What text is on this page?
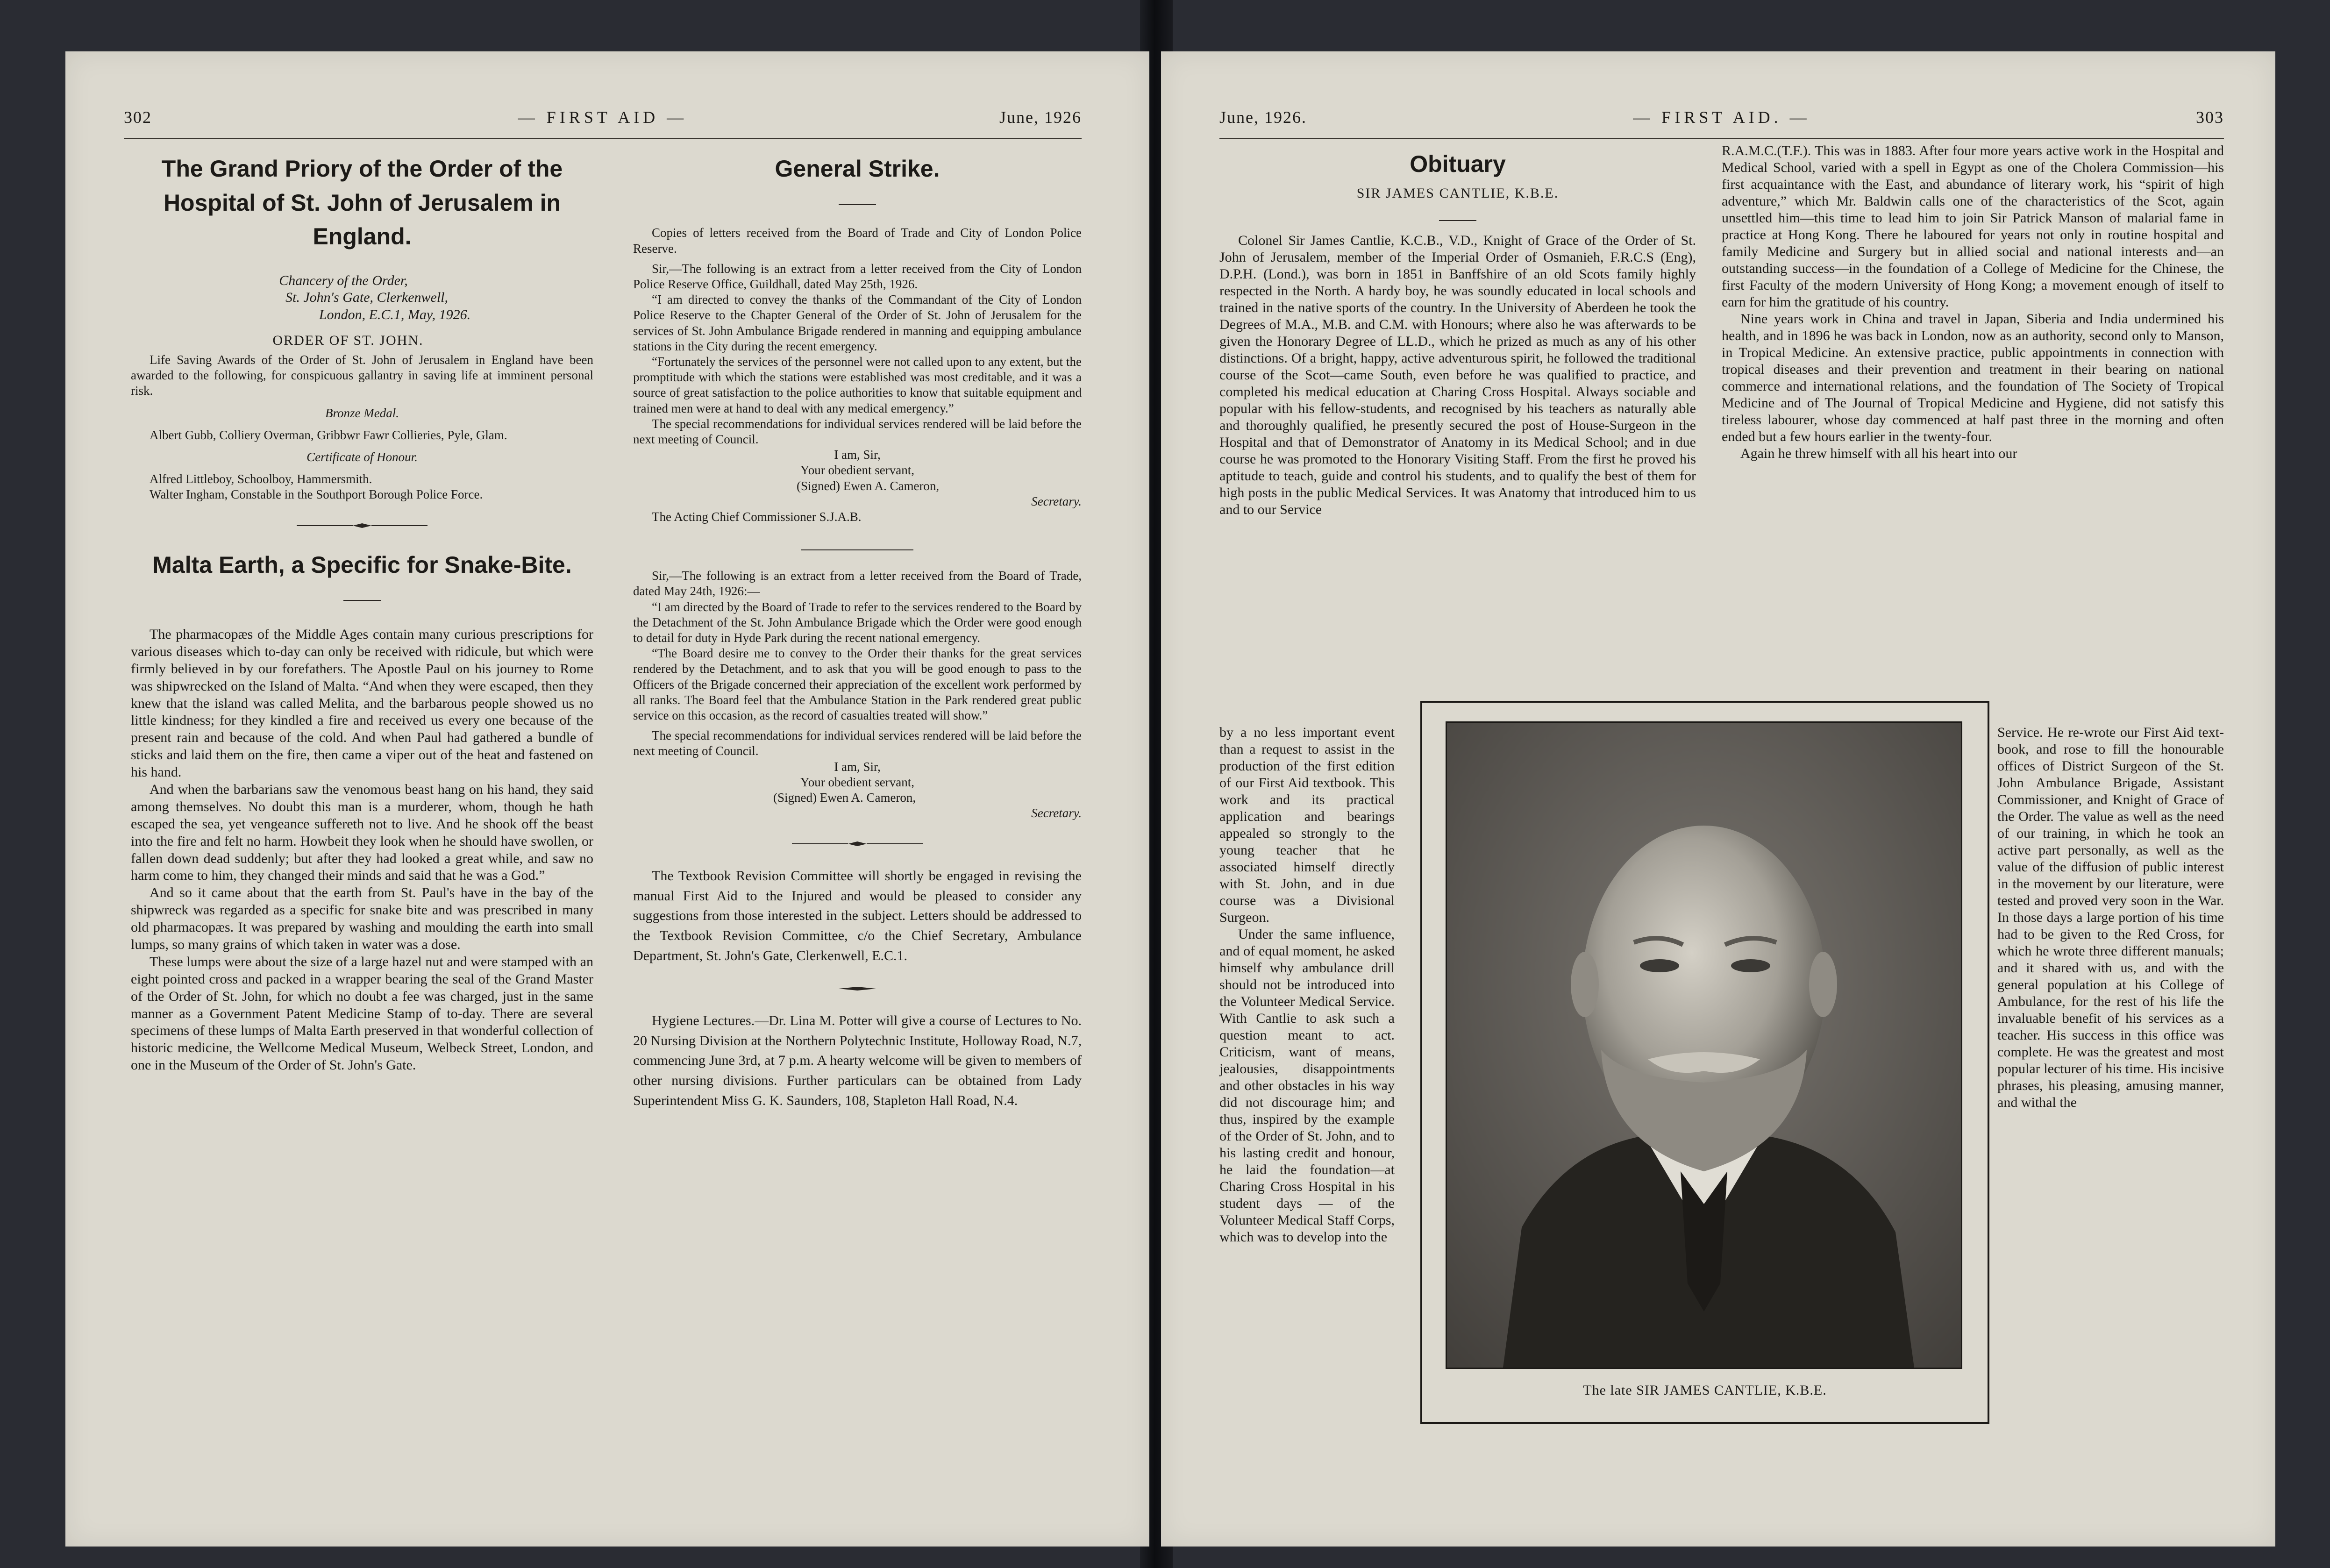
302	— FIRST AID —	June, 1926
The Grand Priory of the Order of the Hospital of St. John of Jerusalem in England.

Chancery of the Order,

St. John's Gate, Clerkenwell,

London, E.C.1, May, 1926.

ORDER OF ST. JOHN.

Life Saving Awards of the Order of St. John of Jerusalem in England have been awarded to the following, for conspicuous gallantry in saving life at imminent personal risk.

Bronze Medal.

Albert Gubb, Colliery Overman, Gribbwr Fawr Collieries, Pyle, Glam.

Certificate of Honour.

Alfred Littleboy, Schoolboy, Hammersmith.

Walter Ingham, Constable in the Southport Borough Police Force.

Malta Earth, a Specific for Snake-Bite.

The pharmacopæs of the Middle Ages contain many curious prescriptions for various diseases which to-day can only be received with ridicule, but which were firmly believed in by our forefathers. The Apostle Paul on his journey to Rome was shipwrecked on the Island of Malta. “And when they were escaped, then they knew that the island was called Melita, and the barbarous people showed us no little kindness; for they kindled a fire and received us every one because of the present rain and because of the cold. And when Paul had gathered a bundle of sticks and laid them on the fire, then came a viper out of the heat and fastened on his hand.

And when the barbarians saw the venomous beast hang on his hand, they said among themselves. No doubt this man is a murderer, whom, though he hath escaped the sea, yet vengeance suffereth not to live. And he shook off the beast into the fire and felt no harm. Howbeit they look when he should have swollen, or fallen down dead suddenly; but after they had looked a great while, and saw no harm come to him, they changed their minds and said that he was a God.”

And so it came about that the earth from St. Paul's have in the bay of the shipwreck was regarded as a specific for snake bite and was prescribed in many old pharmacopæs. It was prepared by washing and moulding the earth into small lumps, so many grains of which taken in water was a dose.

These lumps were about the size of a large hazel nut and were stamped with an eight pointed cross and packed in a wrapper bearing the seal of the Grand Master of the Order of St. John, for which no doubt a fee was charged, just in the same manner as a Government Patent Medicine Stamp of to-day. There are several specimens of these lumps of Malta Earth preserved in that wonderful collection of historic medicine, the Wellcome Medical Museum, Welbeck Street, London, and one in the Museum of the Order of St. John's Gate.

General Strike.

Copies of letters received from the Board of Trade and City of London Police Reserve.

Sir,—The following is an extract from a letter received from the City of London Police Reserve Office, Guildhall, dated May 25th, 1926.

“I am directed to convey the thanks of the Commandant of the City of London Police Reserve to the Chapter General of the Order of St. John of Jerusalem for the services of St. John Ambulance Brigade rendered in manning and equipping ambulance stations in the City during the recent emergency.

“Fortunately the services of the personnel were not called upon to any extent, but the promptitude with which the stations were established was most creditable, and it was a source of great satisfaction to the police authorities to know that suitable equipment and trained men were at hand to deal with any medical emergency.”

The special recommendations for individual services rendered will be laid before the next meeting of Council.

I am, Sir,

Your obedient servant,

(Signed) Ewen A. Cameron,

Secretary.

The Acting Chief Commissioner S.J.A.B.

Sir,—The following is an extract from a letter received from the Board of Trade, dated May 24th, 1926:—

“I am directed by the Board of Trade to refer to the services rendered to the Board by the Detachment of the St. John Ambulance Brigade which the Order were good enough to detail for duty in Hyde Park during the recent national emergency.

“The Board desire me to convey to the Order their thanks for the great services rendered by the Detachment, and to ask that you will be good enough to pass to the Officers of the Brigade concerned their appreciation of the excellent work performed by all ranks. The Board feel that the Ambulance Station in the Park rendered great public service on this occasion, as the record of casualties treated will show.”

The special recommendations for individual services rendered will be laid before the next meeting of Council.

I am, Sir,

Your obedient servant,

(Signed) Ewen A. Cameron,

Secretary.

The Textbook Revision Committee will shortly be engaged in revising the manual First Aid to the Injured and would be pleased to consider any suggestions from those interested in the subject. Letters should be addressed to the Textbook Revision Committee, c/o the Chief Secretary, Ambulance Department, St. John's Gate, Clerkenwell, E.C.1.

Hygiene Lectures.—Dr. Lina M. Potter will give a course of Lectures to No. 20 Nursing Division at the Northern Polytechnic Institute, Holloway Road, N.7, commencing June 3rd, at 7 p.m. A hearty welcome will be given to members of other nursing divisions. Further particulars can be obtained from Lady Superintendent Miss G. K. Saunders, 108, Stapleton Hall Road, N.4.

June, 1926.	— FIRST AID. —	303
Obituary

SIR JAMES CANTLIE, K.B.E.

Colonel Sir James Cantlie, K.C.B., V.D., Knight of Grace of the Order of St. John of Jerusalem, member of the Imperial Order of Osmanieh, F.R.C.S (Eng), D.P.H. (Lond.), was born in 1851 in Banffshire of an old Scots family highly respected in the North. A hardy boy, he was soundly educated in local schools and trained in the native sports of the country. In the University of Aberdeen he took the Degrees of M.A., M.B. and C.M. with Honours; where also he was afterwards to be given the Honorary Degree of LL.D., which he prized as much as any of his other distinctions. Of a bright, happy, active adventurous spirit, he followed the traditional course of the Scot—came South, even before he was qualified to practice, and completed his medical education at Charing Cross Hospital. Always sociable and popular with his fellow-students, and recognised by his teachers as naturally able and thoroughly qualified, he presently secured the post of House-Surgeon in the Hospital and that of Demonstrator of Anatomy in its Medical School; and in due course he was promoted to the Honorary Visiting Staff. From the first he proved his aptitude to teach, guide and control his students, and to qualify the best of them for high posts in the public Medical Services. It was Anatomy that introduced him to us and to our Service

by a no less important event than a request to assist in the production of the first edition of our First Aid textbook. This work and its practical application and bearings appealed so strongly to the young teacher that he associated himself directly with St. John, and in due course was a Divisional Surgeon.

Under the same influence, and of equal moment, he asked himself why ambulance drill should not be introduced into the Volunteer Medical Service. With Cantlie to ask such a question meant to act. Criticism, want of means, jealousies, disappointments and other obstacles in his way did not discourage him; and thus, inspired by the example of the Order of St. John, and to his lasting credit and honour, he laid the foundation—at Charing Cross Hospital in his student days — of the Volunteer Medical Staff Corps, which was to develop into the

R.A.M.C.(T.F.). This was in 1883. After four more years active work in the Hospital and Medical School, varied with a spell in Egypt as one of the Cholera Commission—his first acquaintance with the East, and abundance of literary work, his “spirit of high adventure,” which Mr. Baldwin calls one of the characteristics of the Scot, again unsettled him—this time to lead him to join Sir Patrick Manson of malarial fame in practice at Hong Kong. There he laboured for years not only in routine hospital and family Medicine and Surgery but in allied social and national interests and—an outstanding success—in the foundation of a College of Medicine for the Chinese, the first Faculty of the modern University of Hong Kong; a movement enough of itself to earn for him the gratitude of his country.

Nine years work in China and travel in Japan, Siberia and India undermined his health, and in 1896 he was back in London, now as an authority, second only to Manson, in Tropical Medicine. An extensive practice, public appointments in connection with tropical diseases and their prevention and treatment in their bearing on national commerce and international relations, and the foundation of The Society of Tropical Medicine and of The Journal of Tropical Medicine and Hygiene, did not satisfy this tireless labourer, whose day commenced at half past three in the morning and often ended but a few hours earlier in the twenty-four.

Again he threw himself with all his heart into our

Service. He re-wrote our First Aid text-book, and rose to fill the honourable offices of District Surgeon of the St. John Ambulance Brigade, Assistant Commissioner, and Knight of Grace of the Order. The value as well as the need of our training, in which he took an active part personally, as well as the value of the diffusion of public interest in the movement by our literature, were tested and proved very soon in the War. In those days a large portion of his time had to be given to the Red Cross, for which he wrote three different manuals; and it shared with us, and with the general population at his College of Ambulance, for the rest of his life the invaluable benefit of his services as a teacher. His success in this office was complete. He was the greatest and most popular lecturer of his time. His incisive phrases, his pleasing, amusing manner, and withal the

The late SIR JAMES CANTLIE, K.B.E.
